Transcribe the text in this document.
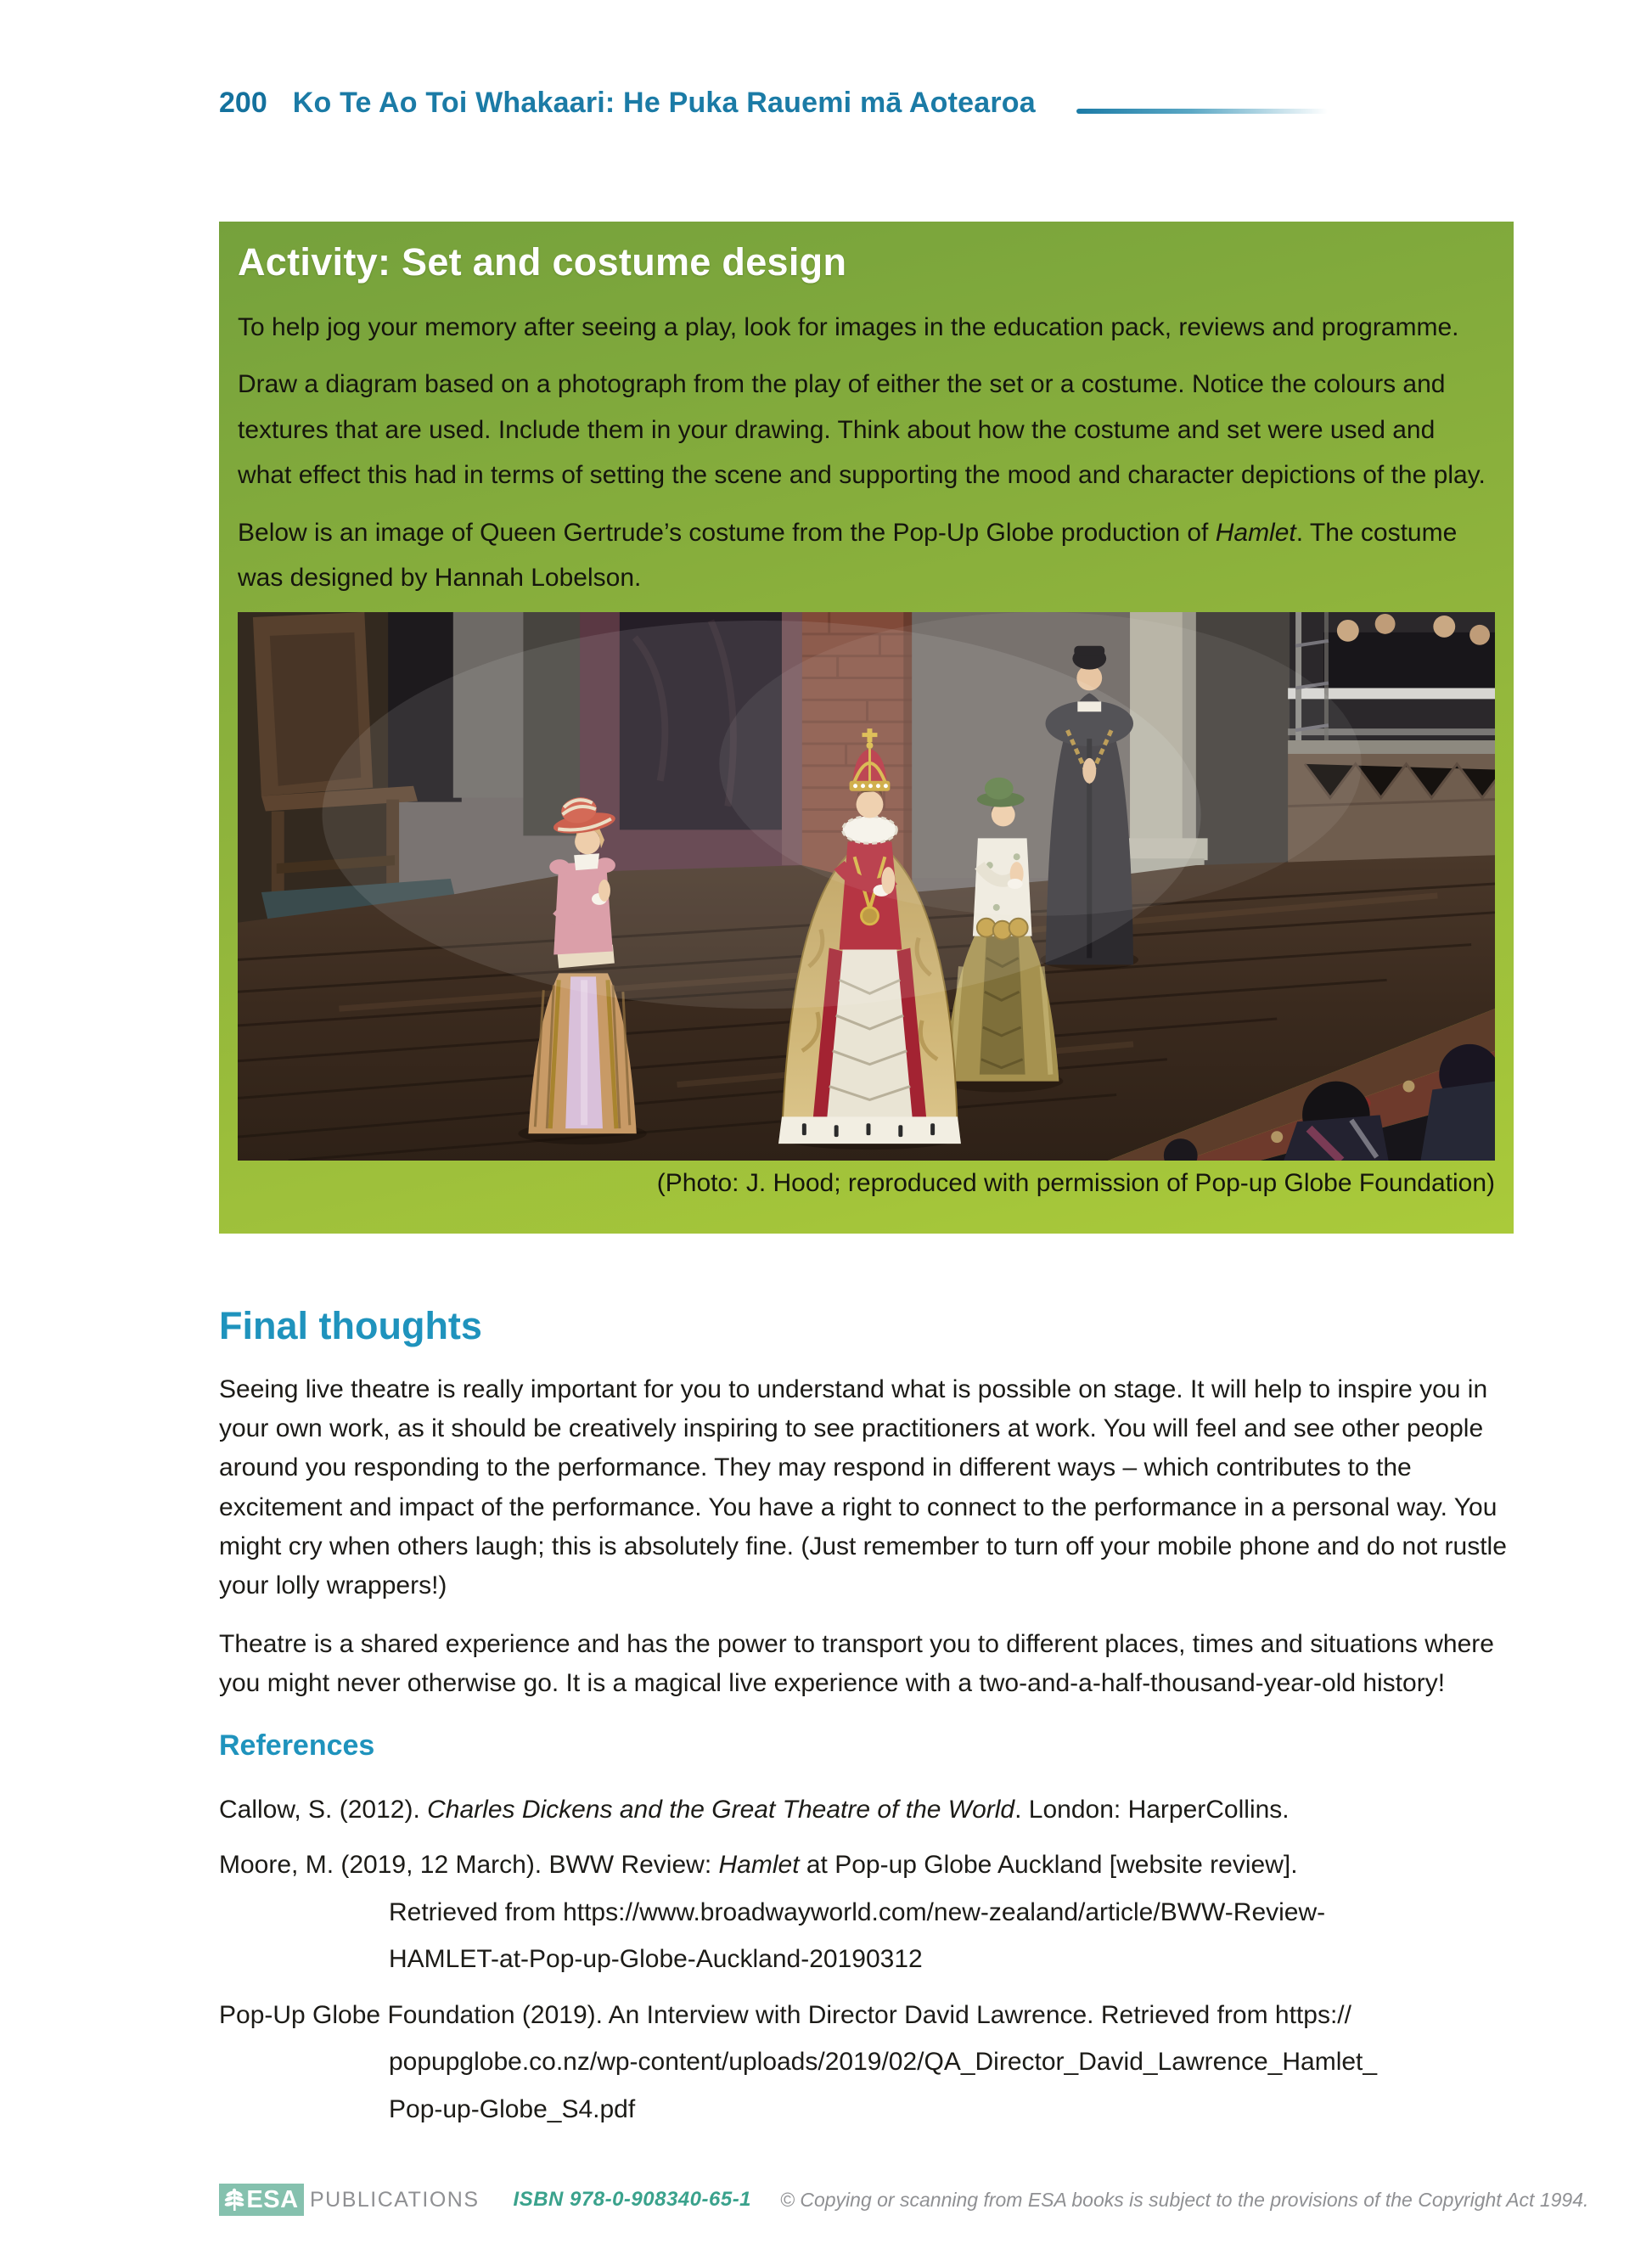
200 Ko Te Ao Toi Whakaari: He Puka Rauemi mā Aotearoa
Activity: Set and costume design

To help jog your memory after seeing a play, look for images in the education pack, reviews and programme.

Draw a diagram based on a photograph from the play of either the set or a costume. Notice the colours and textures that are used. Include them in your drawing. Think about how the costume and set were used and what effect this had in terms of setting the scene and supporting the mood and character depictions of the play.

Below is an image of Queen Gertrude’s costume from the Pop-Up Globe production of Hamlet. The costume was designed by Hannah Lobelson.

(Photo: J. Hood; reproduced with permission of Pop-up Globe Foundation)

Final thoughts

Seeing live theatre is really important for you to understand what is possible on stage. It will help to inspire you in your own work, as it should be creatively inspiring to see practitioners at work. You will feel and see other people around you responding to the performance. They may respond in different ways – which contributes to the excitement and impact of the performance. You have a right to connect to the performance in a personal way. You might cry when others laugh; this is absolutely fine. (Just remember to turn off your mobile phone and do not rustle your lolly wrappers!)

Theatre is a shared experience and has the power to transport you to different places, times and situations where you might never otherwise go. It is a magical live experience with a two-and-a-half-thousand-year-old history!

References
Callow, S. (2012). Charles Dickens and the Great Theatre of the World. London: HarperCollins.
Moore, M. (2019, 12 March). BWW Review: Hamlet at Pop-up Globe Auckland [website review].
Retrieved from https://www.broadwayworld.com/new-zealand/article/BWW-Review-
HAMLET-at-Pop-up-Globe-Auckland-20190312
Pop-Up Globe Foundation (2019). An Interview with Director David Lawrence. Retrieved from https://
popupglobe.co.nz/wp-content/uploads/2019/02/QA_Director_David_Lawrence_Hamlet_
Pop-up-Globe_S4.pdf
ESA PUBLICATIONS ISBN 978-0-908340-65-1 © Copying or scanning from ESA books is subject to the provisions of the Copyright Act 1994.
